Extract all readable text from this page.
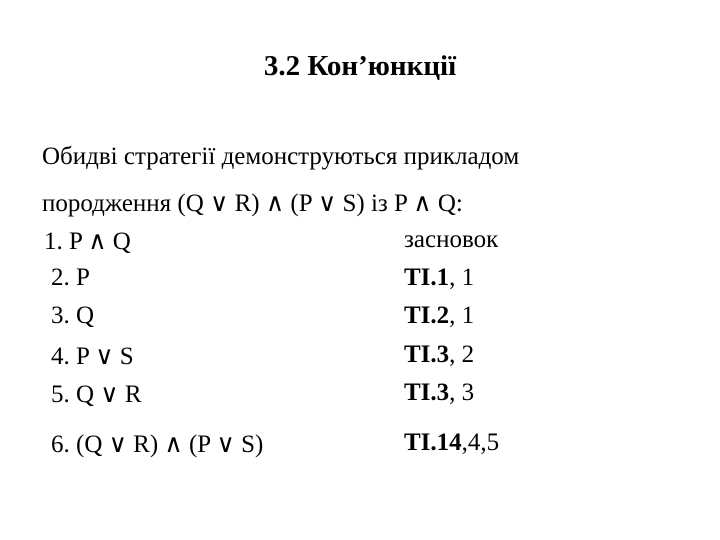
3.2 Кон’юнкції
Обидві стратегії демонструються прикладом
породження (Q ∨ R) ∧ (P ∨ S) із P ∧ Q:
1. P ∧ Q	засновок
2. P	TI.1, 1
3. Q	TI.2, 1
4. P ∨ S	TI.3, 2
5. Q ∨ R	TI.3, 3
6. (Q ∨ R) ∧ (P ∨ S)	TI.14,4,5
